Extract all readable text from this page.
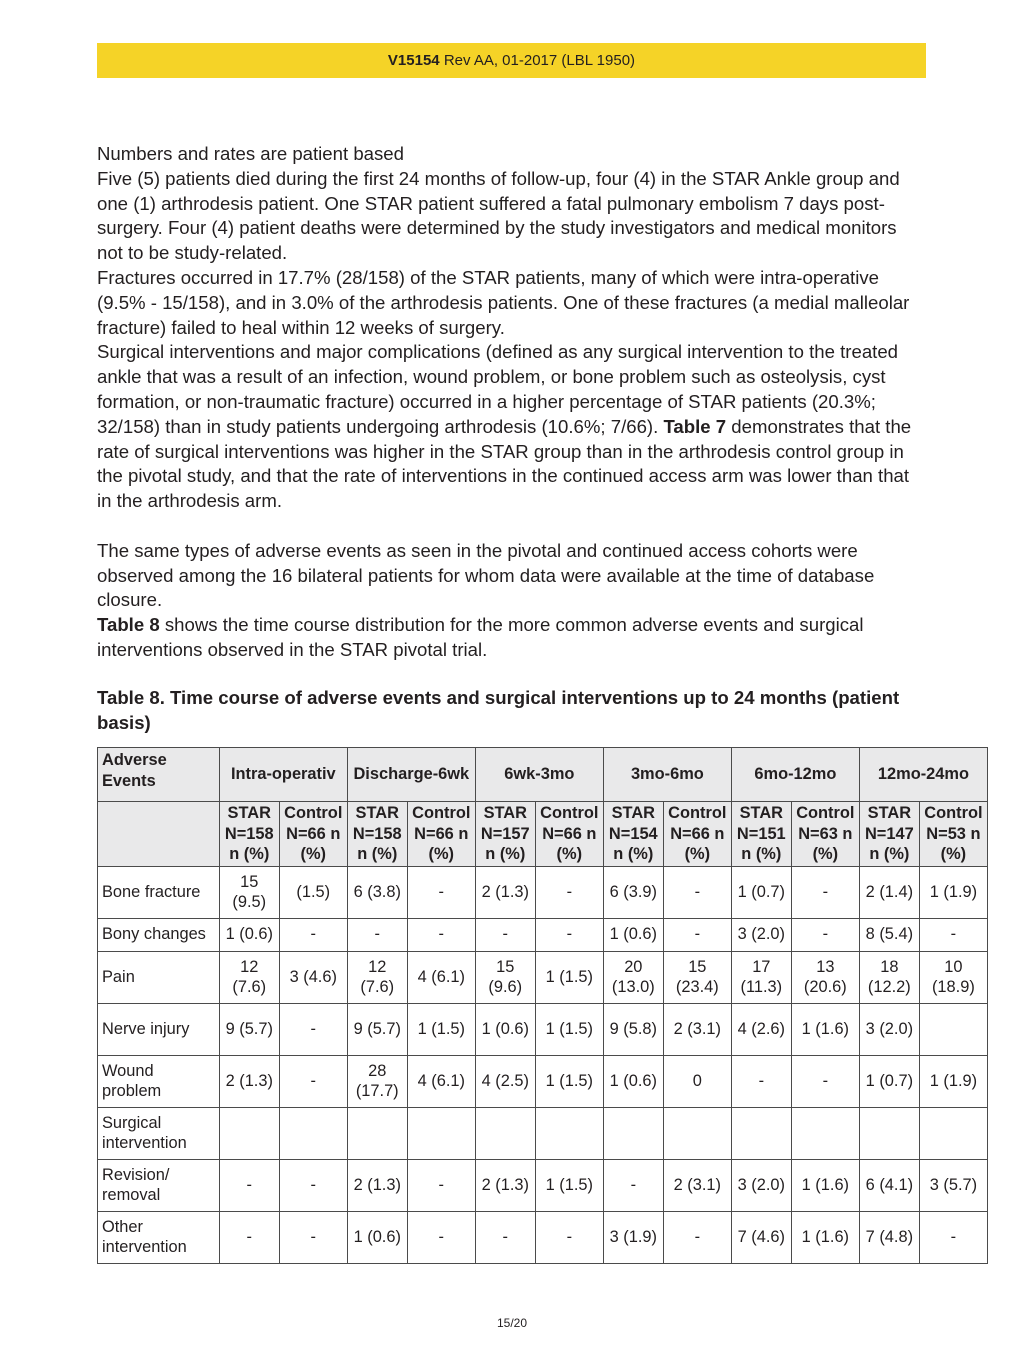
V15154 Rev AA, 01-2017 (LBL 1950)

Numbers and rates are patient based

Five (5) patients died during the first 24 months of follow-up, four (4) in the STAR Ankle group and one (1) arthrodesis patient. One STAR patient suffered a fatal pulmonary embolism 7 days post-surgery. Four (4) patient deaths were determined by the study investigators and medical monitors not to be study-related.

Fractures occurred in 17.7% (28/158) of the STAR patients, many of which were intra-operative (9.5% - 15/158), and in 3.0% of the arthrodesis patients. One of these fractures (a medial malleolar fracture) failed to heal within 12 weeks of surgery.

Surgical interventions and major complications (defined as any surgical intervention to the treated ankle that was a result of an infection, wound problem, or bone problem such as osteolysis, cyst formation, or non-traumatic fracture) occurred in a higher percentage of STAR patients (20.3%; 32/158) than in study patients undergoing arthrodesis (10.6%; 7/66). Table 7 demonstrates that the rate of surgical interventions was higher in the STAR group than in the arthrodesis control group in the pivotal study, and that the rate of interventions in the continued access arm was lower than that in the arthrodesis arm.

The same types of adverse events as seen in the pivotal and continued access cohorts were observed among the 16 bilateral patients for whom data were available at the time of database closure.

Table 8 shows the time course distribution for the more common adverse events and surgical interventions observed in the STAR pivotal trial.

Table 8. Time course of adverse events and surgical interventions up to 24 months (patient basis)
Adverse Events	Intra-operativ		Discharge-6wk		6wk-3mo		3mo-6mo		6mo-12mo		12mo-24mo	
	STAR N=158 n (%)	Control N=66 n (%)	STAR N=158 n (%)	Control N=66 n (%)	STAR N=157 n (%)	Control N=66 n (%)	STAR N=154 n (%)	Control N=66 n (%)	STAR N=151 n (%)	Control N=63 n (%)	STAR N=147 n (%)	Control N=53 n (%)
Bone fracture	15 (9.5)	(1.5)	6 (3.8)	-	2 (1.3)	-	6 (3.9)	-	1 (0.7)	-	2 (1.4)	1 (1.9)
Bony changes	1 (0.6)	-	-	-	-	-	1 (0.6)	-	3 (2.0)	-	8 (5.4)	-
Pain	12 (7.6)	3 (4.6)	12 (7.6)	4 (6.1)	15 (9.6)	1 (1.5)	20 (13.0)	15 (23.4)	17 (11.3)	13 (20.6)	18 (12.2)	10 (18.9)
Nerve injury	9 (5.7)	-	9 (5.7)	1 (1.5)	1 (0.6)	1 (1.5)	9 (5.8)	2 (3.1)	4 (2.6)	1 (1.6)	3 (2.0)	
Wound problem	2 (1.3)	-	28 (17.7)	4 (6.1)	4 (2.5)	1 (1.5)	1 (0.6)	0	-	-	1 (0.7)	1 (1.9)
Surgical intervention												
Revision/ removal	-	-	2 (1.3)	-	2 (1.3)	1 (1.5)	-	2 (3.1)	3 (2.0)	1 (1.6)	6 (4.1)	3 (5.7)
Other intervention	-	-	1 (0.6)	-	-	-	3 (1.9)	-	7 (4.6)	1 (1.6)	7 (4.8)	-
15/20
